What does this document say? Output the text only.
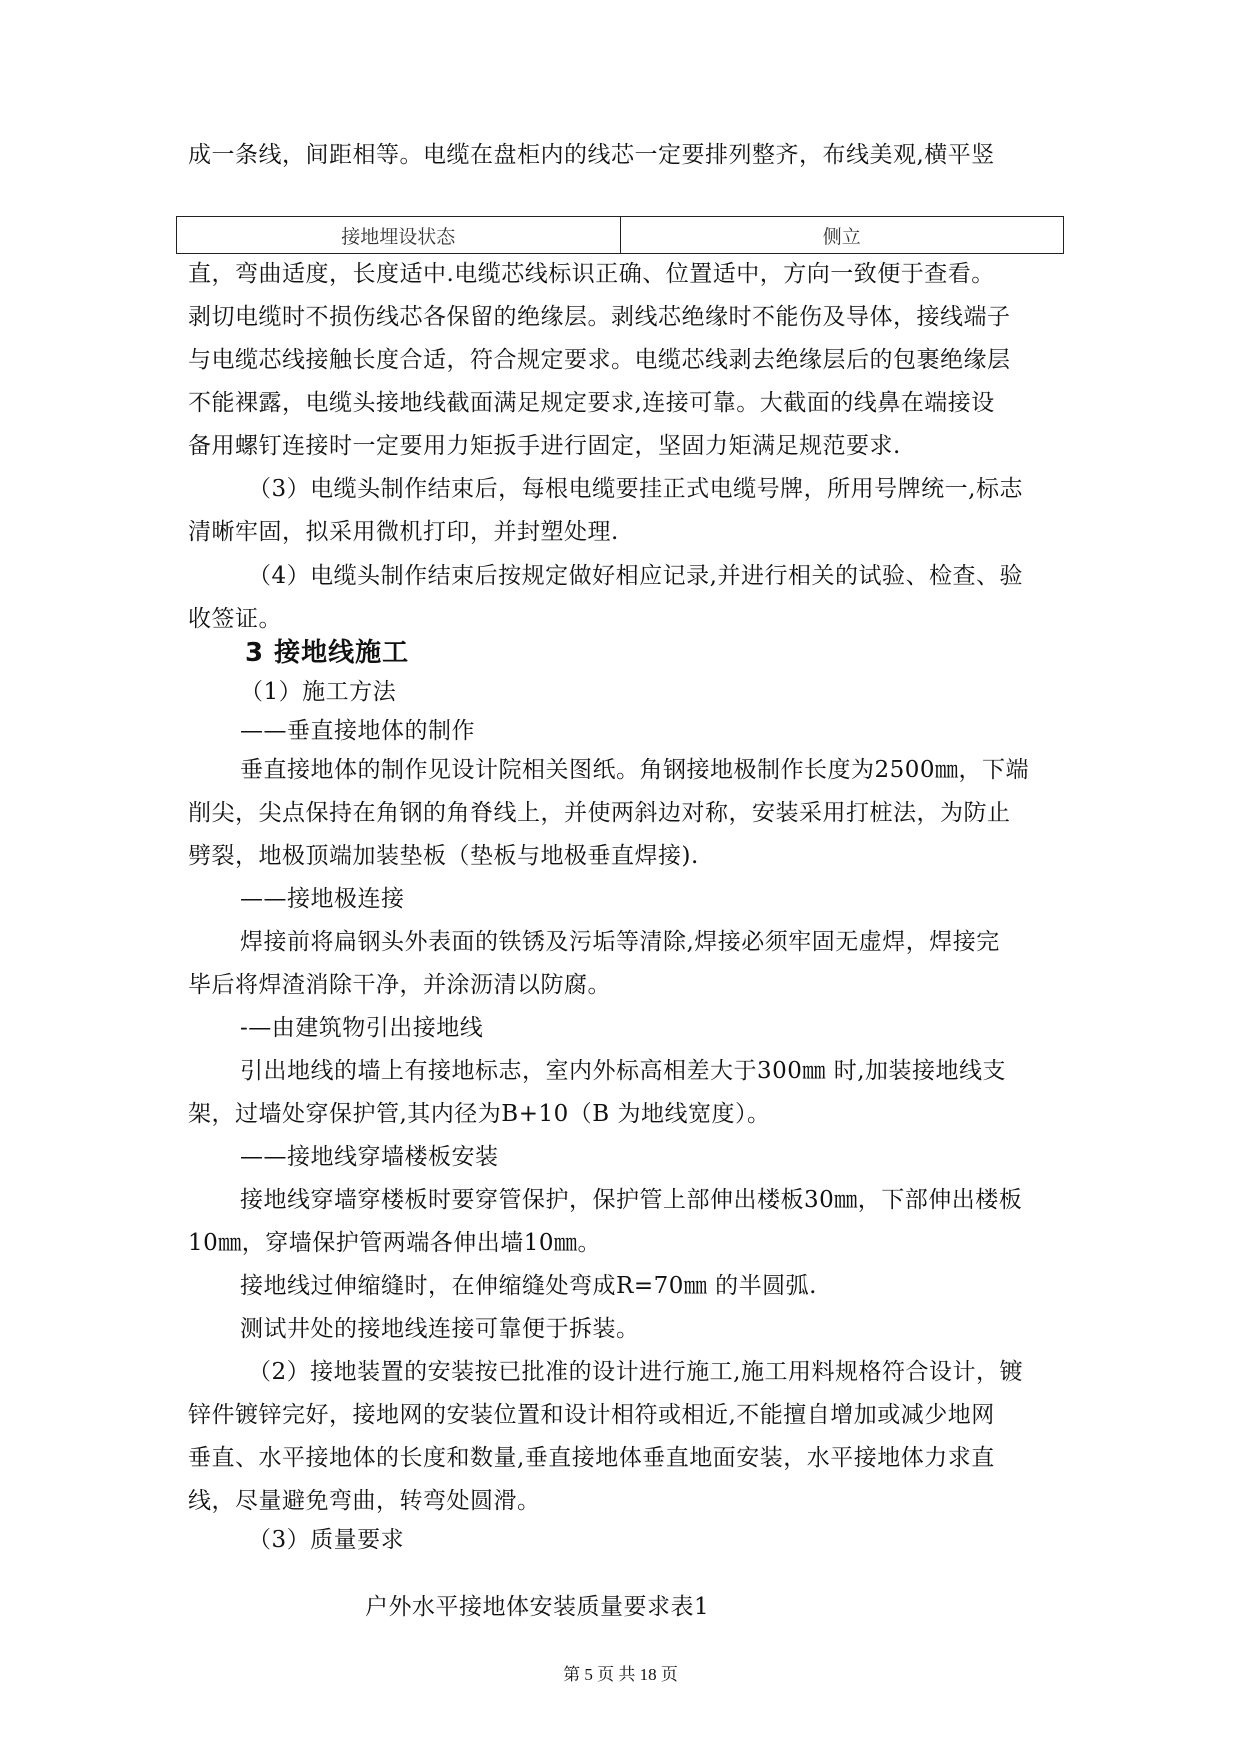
成一条线，间距相等。电缆在盘柜内的线芯一定要排列整齐，布线美观,横平竖
接地埋设状态	侧立
直，弯曲适度，长度适中.电缆芯线标识正确、位置适中，方向一致便于查看。
剥切电缆时不损伤线芯各保留的绝缘层。剥线芯绝缘时不能伤及导体，接线端子
与电缆芯线接触长度合适，符合规定要求。电缆芯线剥去绝缘层后的包裹绝缘层
不能裸露，电缆头接地线截面满足规定要求,连接可靠。大截面的线鼻在端接设
备用螺钉连接时一定要用力矩扳手进行固定，坚固力矩满足规范要求.
（3）电缆头制作结束后，每根电缆要挂正式电缆号牌，所用号牌统一,标志
清晰牢固，拟采用微机打印，并封塑处理.
（4）电缆头制作结束后按规定做好相应记录,并进行相关的试验、检查、验
收签证。
3 接地线施工
（1）施工方法
——垂直接地体的制作
垂直接地体的制作见设计院相关图纸。角钢接地极制作长度为2500㎜，下端
削尖，尖点保持在角钢的角脊线上，并使两斜边对称，安装采用打桩法，为防止
劈裂，地极顶端加装垫板（垫板与地极垂直焊接).
——接地极连接
焊接前将扁钢头外表面的铁锈及污垢等清除,焊接必须牢固无虚焊，焊接完
毕后将焊渣消除干净，并涂沥清以防腐。
-—由建筑物引出接地线
引出地线的墙上有接地标志，室内外标高相差大于300㎜ 时,加装接地线支
架，过墙处穿保护管,其内径为B+10（B 为地线宽度）。
——接地线穿墙楼板安装
接地线穿墙穿楼板时要穿管保护，保护管上部伸出楼板30㎜，下部伸出楼板
10㎜，穿墙保护管两端各伸出墙10㎜。
接地线过伸缩缝时，在伸缩缝处弯成R=70㎜ 的半圆弧.
测试井处的接地线连接可靠便于拆装。
（2）接地装置的安装按已批准的设计进行施工,施工用料规格符合设计，镀
锌件镀锌完好，接地网的安装位置和设计相符或相近,不能擅自增加或减少地网
垂直、水平接地体的长度和数量,垂直接地体垂直地面安装，水平接地体力求直
线，尽量避免弯曲，转弯处圆滑。
户外水平接地体安装质量要求表1
第 5 页 共 18 页
（3）质量要求
